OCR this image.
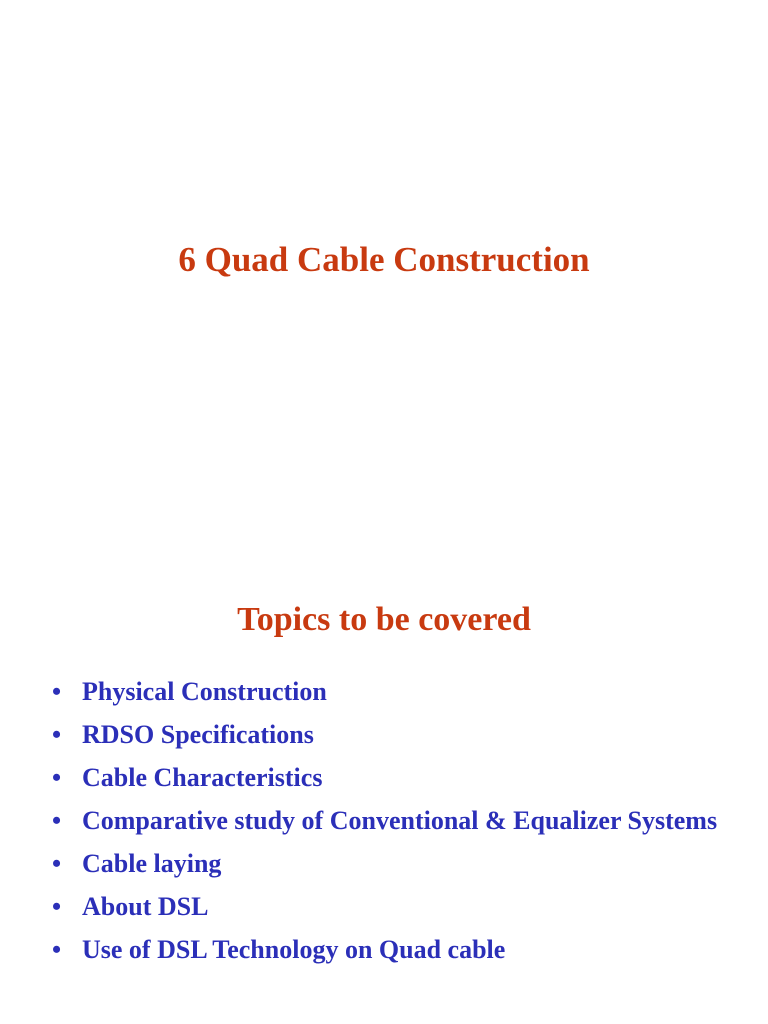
6 Quad Cable Construction
Topics to be covered
• Physical Construction
• RDSO Specifications
• Cable Characteristics
• Comparative study of Conventional & Equalizer Systems
• Cable laying
• About DSL
• Use of DSL Technology on Quad cable
